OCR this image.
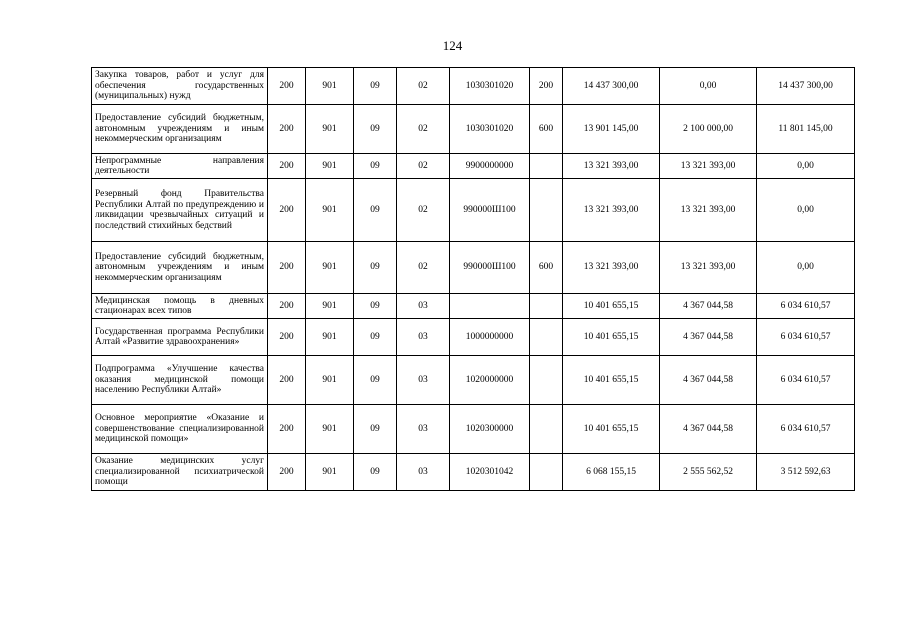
124
Закупка товаров, работ и услуг для обеспечения государственных (муниципальных) нужд	200	901	09	02	1030301020	200	14 437 300,00	0,00	14 437 300,00
Предоставление субсидий бюджетным, автономным учреждениям и иным некоммерческим организациям	200	901	09	02	1030301020	600	13 901 145,00	2 100 000,00	11 801 145,00
Непрограммные направления деятельности	200	901	09	02	9900000000		13 321 393,00	13 321 393,00	0,00
Резервный фонд Правительства Республики Алтай по предупреждению и ликвидации чрезвычайных ситуаций и последствий стихийных бедствий	200	901	09	02	990000Ш100		13 321 393,00	13 321 393,00	0,00
Предоставление субсидий бюджетным, автономным учреждениям и иным некоммерческим организациям	200	901	09	02	990000Ш100	600	13 321 393,00	13 321 393,00	0,00
Медицинская помощь в дневных стационарах всех типов	200	901	09	03			10 401 655,15	4 367 044,58	6 034 610,57
Государственная программа Республики Алтай «Развитие здравоохранения»	200	901	09	03	1000000000		10 401 655,15	4 367 044,58	6 034 610,57
Подпрограмма «Улучшение качества оказания медицинской помощи населению Республики Алтай»	200	901	09	03	1020000000		10 401 655,15	4 367 044,58	6 034 610,57
Основное мероприятие «Оказание и совершенствование специализированной медицинской помощи»	200	901	09	03	1020300000		10 401 655,15	4 367 044,58	6 034 610,57
Оказание медицинских услуг специализированной психиатрической помощи	200	901	09	03	1020301042		6 068 155,15	2 555 562,52	3 512 592,63
